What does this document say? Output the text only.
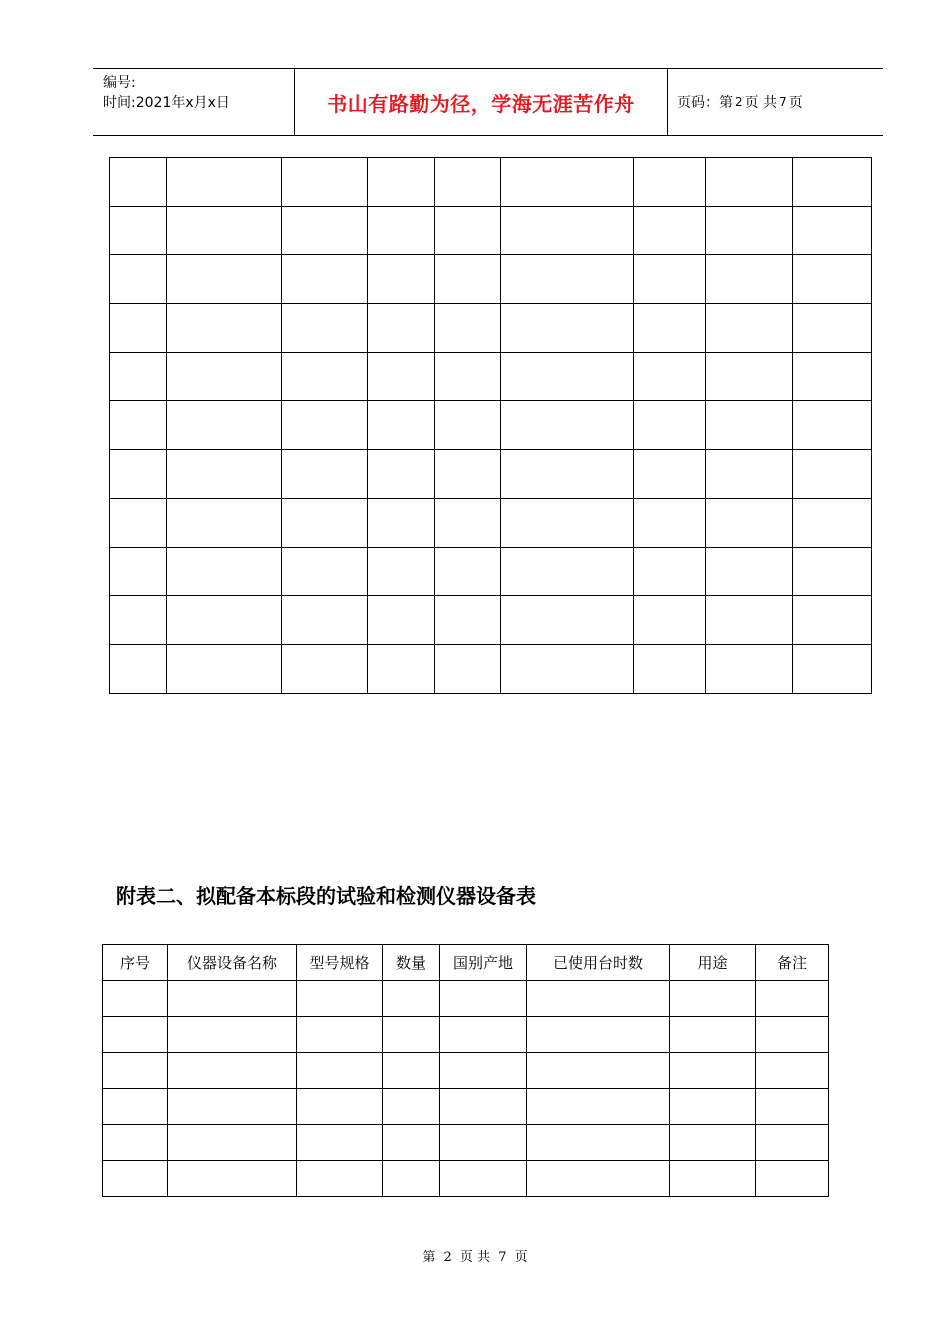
编号:
时间:2021年x月x日	书山有路勤为径，学海无涯苦作舟	页码：第 2 页 共 7 页

附表二、拟配备本标段的试验和检测仪器设备表
序号	仪器设备名称	型号规格	数量	国别产地	已使用台时数	用途	备注

第 2 页 共 7 页
